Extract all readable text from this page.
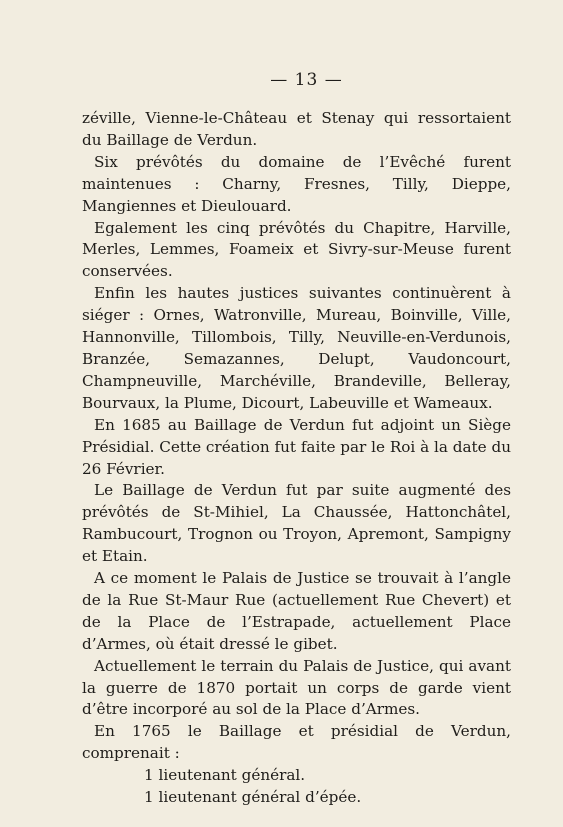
— 13 —

zéville, Vienne-le-Château et Stenay qui ressortaient du Baillage de Verdun.

Six prévôtés du domaine de l’Evêché furent maintenues : Charny, Fresnes, Tilly, Dieppe, Mangiennes et Dieulouard.

Egalement les cinq prévôtés du Chapitre, Harville, Merles, Lemmes, Foameix et Sivry-sur-Meuse furent conservées.

Enfin les hautes justices suivantes continuèrent à siéger : Ornes, Watronville, Mureau, Boinville, Ville, Hannonville, Tillombois, Tilly, Neuville-en-Verdunois, Branzée, Semazannes, Delupt, Vaudoncourt, Champneuville, Marchéville, Brandeville, Belleray, Bourvaux, la Plume, Dicourt, Labeuville et Wameaux.

En 1685 au Baillage de Verdun fut adjoint un Siège Présidial. Cette création fut faite par le Roi à la date du 26 Février.

Le Baillage de Verdun fut par suite augmenté des prévôtés de St-Mihiel, La Chaussée, Hattonchâtel, Rambucourt, Trognon ou Troyon, Apremont, Sampigny et Etain.

A ce moment le Palais de Justice se trouvait à l’angle de la Rue St-Maur Rue (actuellement Rue Chevert) et de la Place de l’Estrapade, actuellement Place d’Armes, où était dressé le gibet.

Actuellement le terrain du Palais de Justice, qui avant la guerre de 1870 portait un corps de garde vient d’être incorporé au sol de la Place d’Armes.

En 1765 le Baillage et présidial de Verdun, comprenait :

1 lieutenant général.

1 lieutenant général d’épée.
